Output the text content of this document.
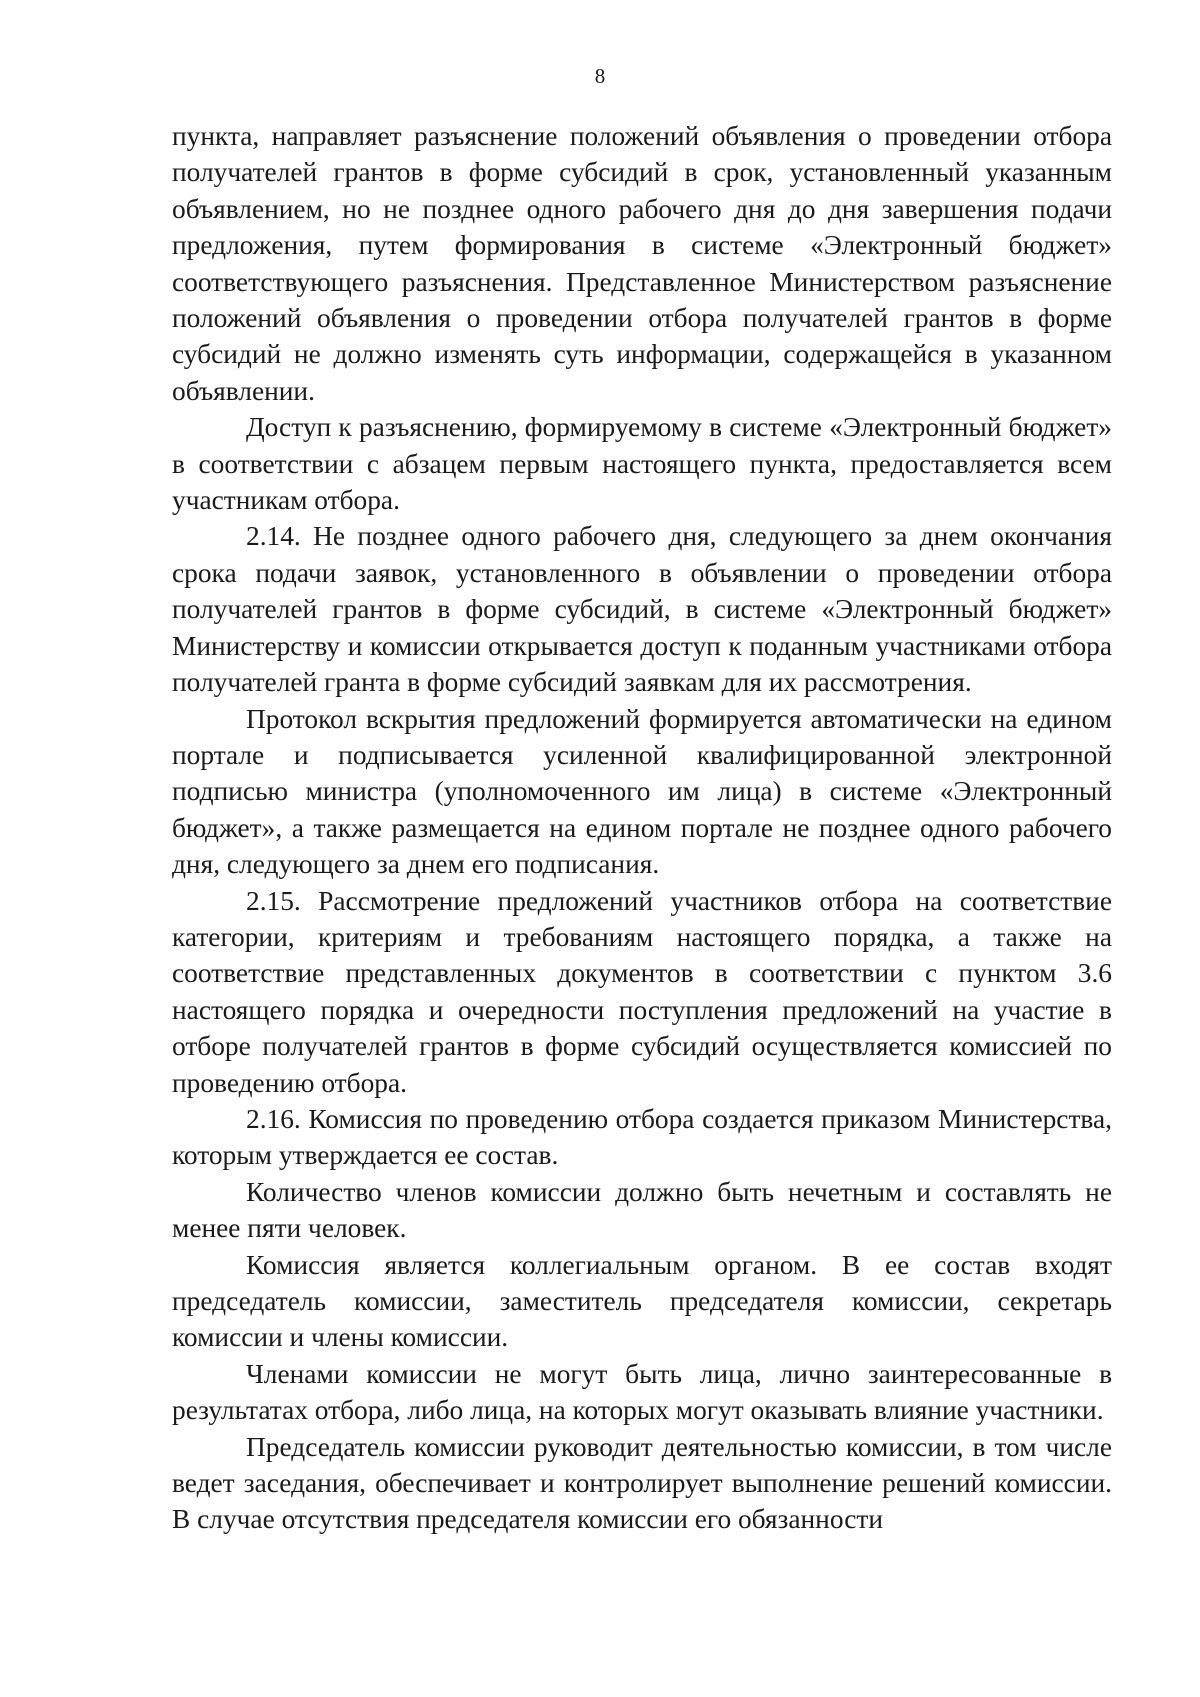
8

пункта, направляет разъяснение положений объявления о проведении отбора получателей грантов в форме субсидий в срок, установленный указанным объявлением, но не позднее одного рабочего дня до дня завершения подачи предложения, путем формирования в системе «Электронный бюджет» соответствующего разъяснения. Представленное Министерством разъяснение положений объявления о проведении отбора получателей грантов в форме субсидий не должно изменять суть информации, содержащейся в указанном объявлении.

Доступ к разъяснению, формируемому в системе «Электронный бюджет» в соответствии с абзацем первым настоящего пункта, предоставляется всем участникам отбора.

2.14. Не позднее одного рабочего дня, следующего за днем окончания срока подачи заявок, установленного в объявлении о проведении отбора получателей грантов в форме субсидий, в системе «Электронный бюджет» Министерству и комиссии открывается доступ к поданным участниками отбора получателей гранта в форме субсидий заявкам для их рассмотрения.

Протокол вскрытия предложений формируется автоматически на едином портале и подписывается усиленной квалифицированной электронной подписью министра (уполномоченного им лица) в системе «Электронный бюджет», а также размещается на едином портале не позднее одного рабочего дня, следующего за днем его подписания.

2.15. Рассмотрение предложений участников отбора на соответствие категории, критериям и требованиям настоящего порядка, а также на соответствие представленных документов в соответствии с пунктом 3.6 настоящего порядка и очередности поступления предложений на участие в отборе получателей грантов в форме субсидий осуществляется комиссией по проведению отбора.

2.16. Комиссия по проведению отбора создается приказом Министерства, которым утверждается ее состав.

Количество членов комиссии должно быть нечетным и составлять не менее пяти человек.

Комиссия является коллегиальным органом. В ее состав входят председатель комиссии, заместитель председателя комиссии, секретарь комиссии и члены комиссии.

Членами комиссии не могут быть лица, лично заинтересованные в результатах отбора, либо лица, на которых могут оказывать влияние участники.

Председатель комиссии руководит деятельностью комиссии, в том числе ведет заседания, обеспечивает и контролирует выполнение решений комиссии. В случае отсутствия председателя комиссии его обязанности
